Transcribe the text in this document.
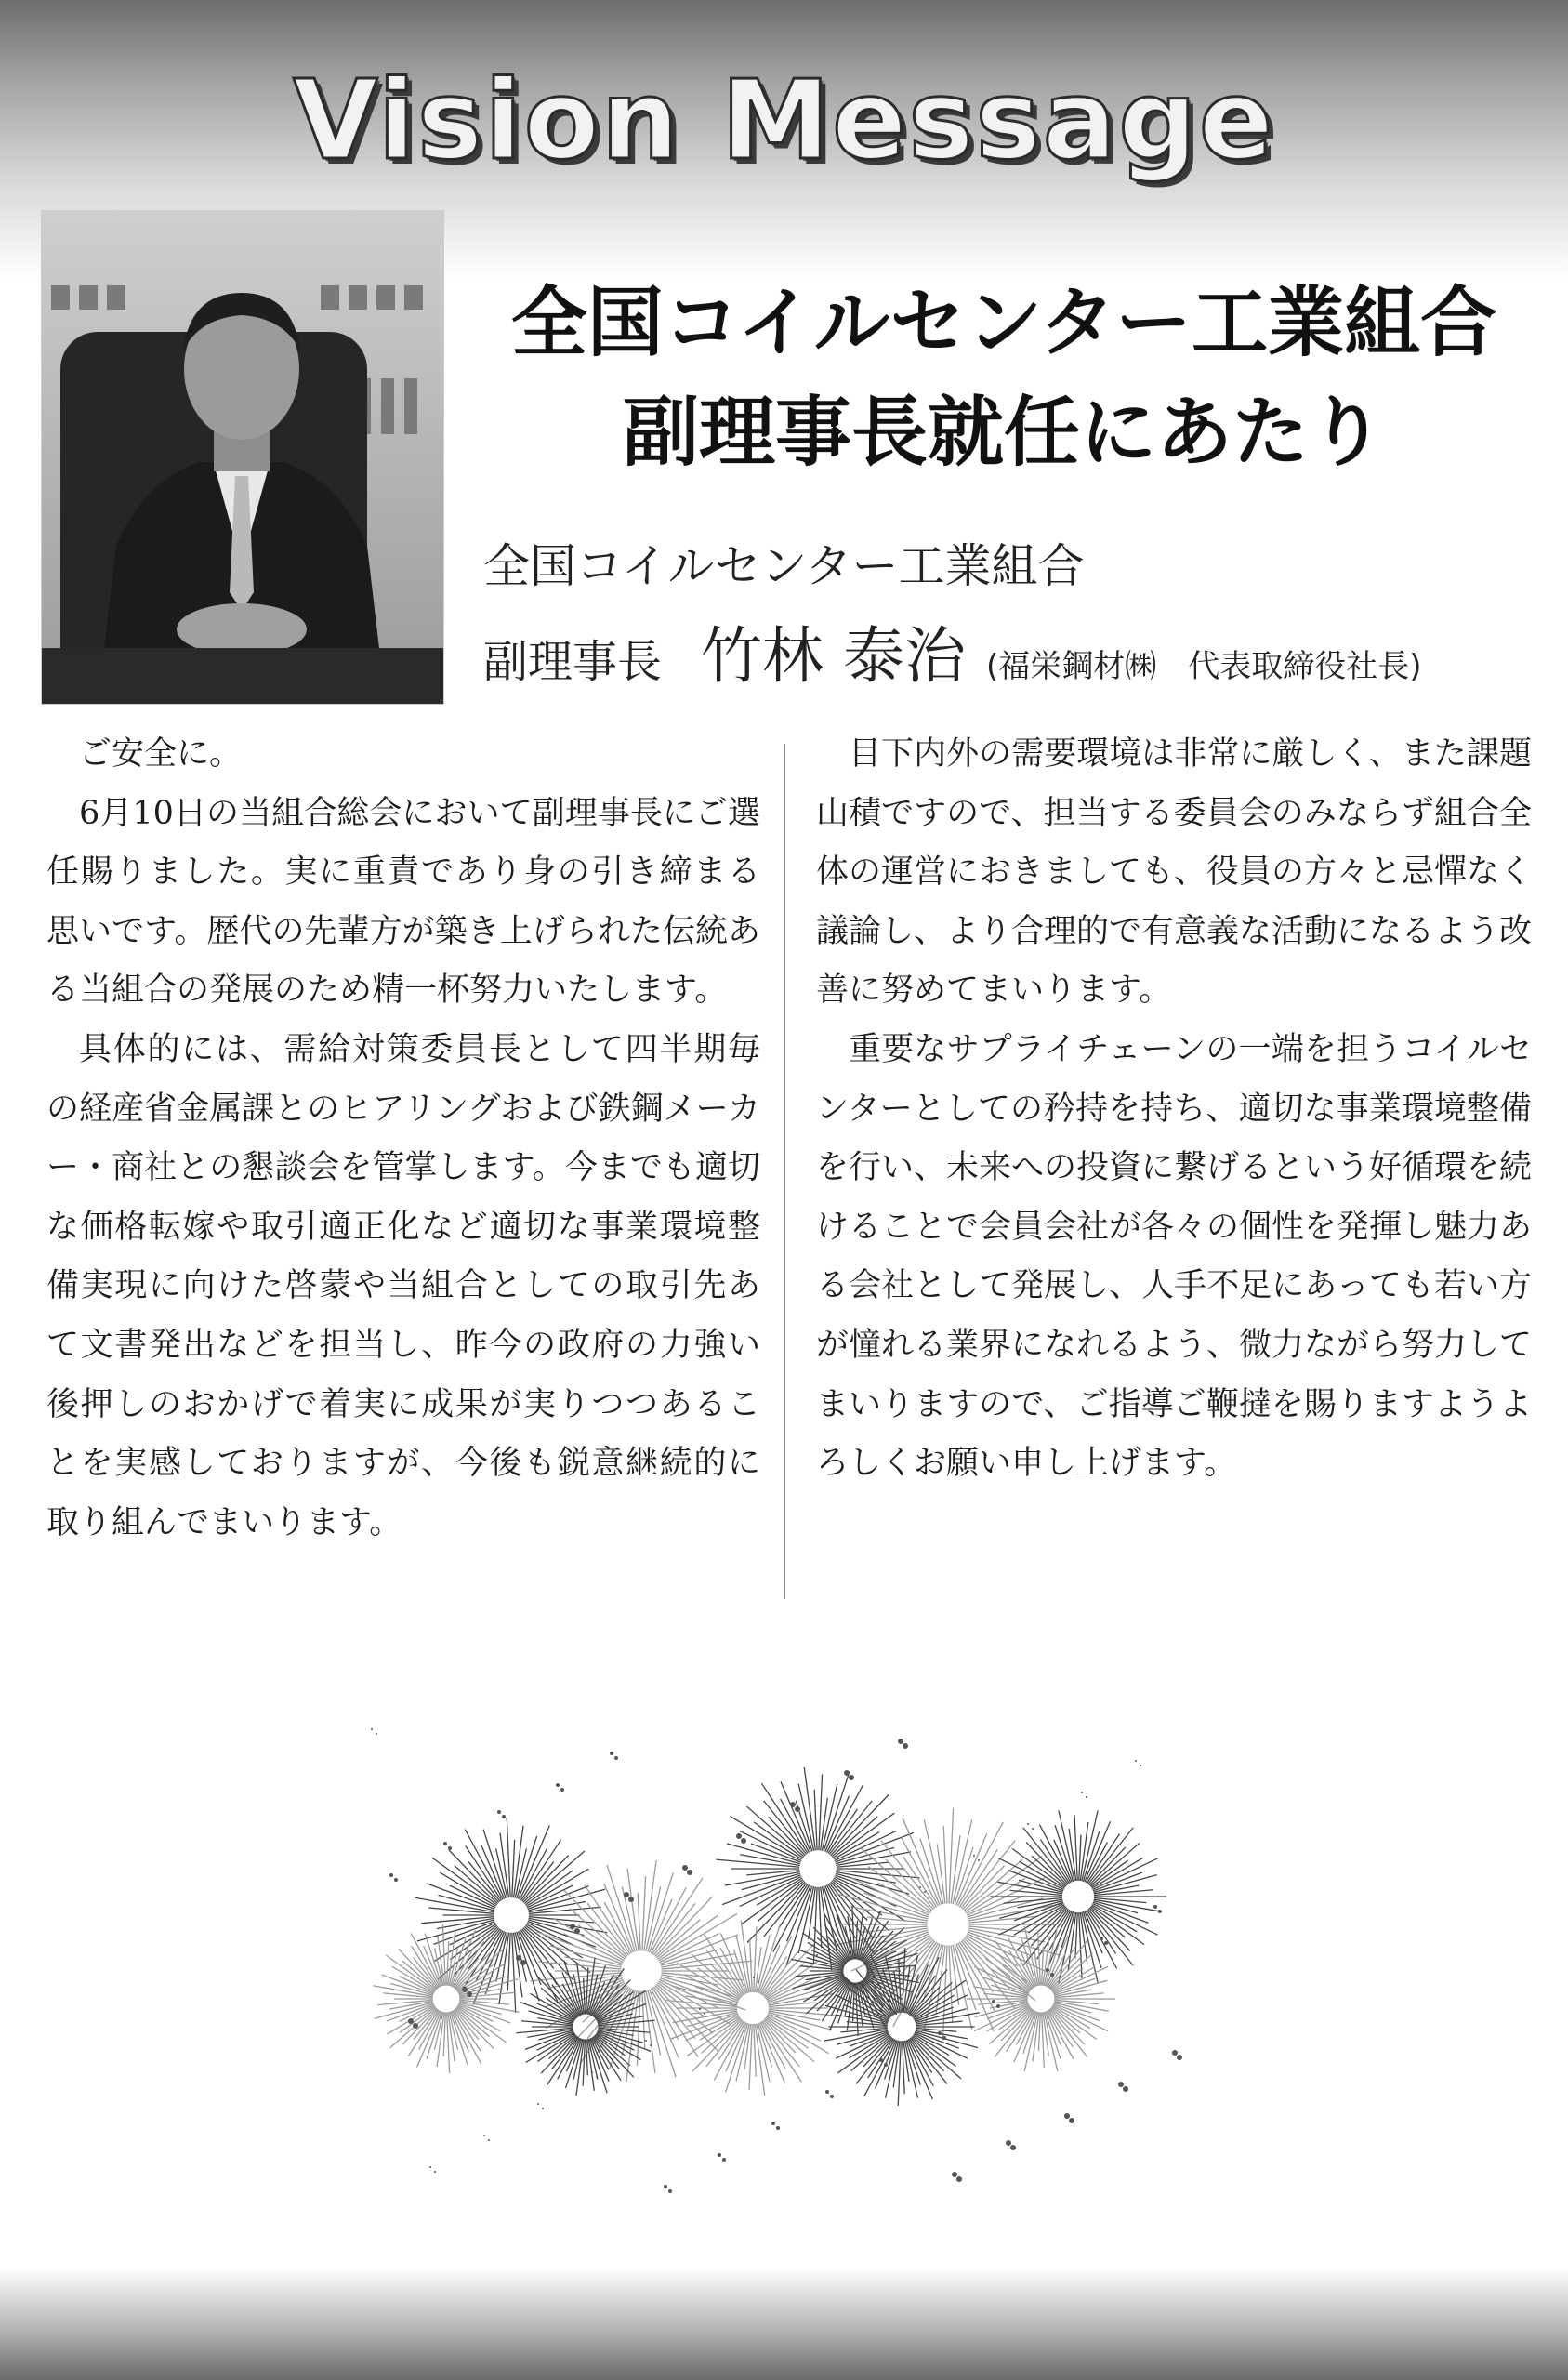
Vision Message
全国コイルセンター工業組合
副理事長就任にあたり
全国コイルセンター工業組合
副理事長 竹林 泰治 (福栄鋼材㈱ 代表取締役社長)

ご安全に。

6月10日の当組合総会において副理事長にご選任賜りました。実に重責であり身の引き締まる思いです。歴代の先輩方が築き上げられた伝統ある当組合の発展のため精一杯努力いたします。

具体的には、需給対策委員長として四半期毎の経産省金属課とのヒアリングおよび鉄鋼メーカー・商社との懇談会を管掌します。今までも適切な価格転嫁や取引適正化など適切な事業環境整備実現に向けた啓蒙や当組合としての取引先あて文書発出などを担当し、昨今の政府の力強い後押しのおかげで着実に成果が実りつつあることを実感しておりますが、今後も鋭意継続的に取り組んでまいります。

目下内外の需要環境は非常に厳しく、また課題山積ですので、担当する委員会のみならず組合全体の運営におきましても、役員の方々と忌憚なく議論し、より合理的で有意義な活動になるよう改善に努めてまいります。

重要なサプライチェーンの一端を担うコイルセンターとしての矜持を持ち、適切な事業環境整備を行い、未来への投資に繋げるという好循環を続けることで会員会社が各々の個性を発揮し魅力ある会社として発展し、人手不足にあっても若い方が憧れる業界になれるよう、微力ながら努力してまいりますので、ご指導ご鞭撻を賜りますようよろしくお願い申し上げます。
